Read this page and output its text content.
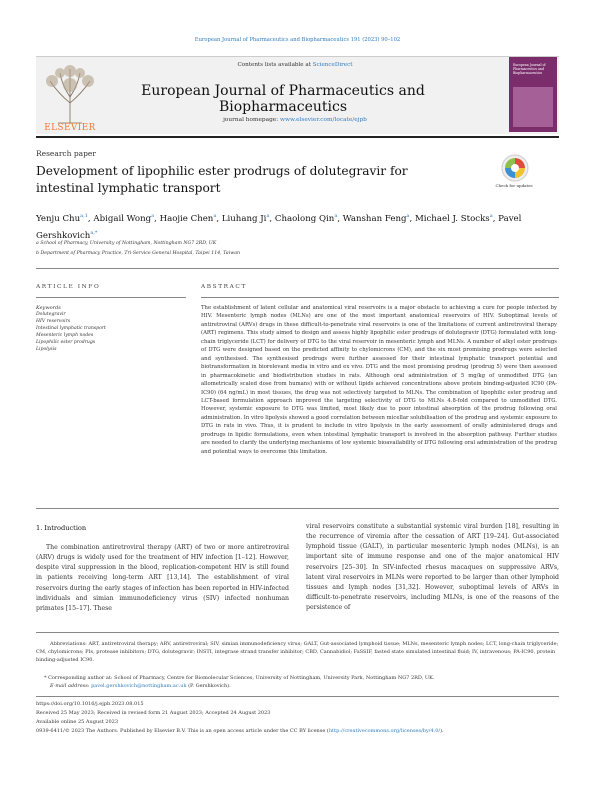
European Journal of Pharmaceutics and Biopharmaceutics 191 (2023) 90–102
ELSEVIER
Contents lists available at ScienceDirect
European Journal of Pharmaceutics and Biopharmaceutics
journal homepage: www.elsevier.com/locate/ejpb
European Journal of Pharmaceutics and Biopharmaceutics
Research paper
Development of lipophilic ester prodrugs of dolutegravir for intestinal lymphatic transport	Check for updates
Yenju Chu$^{a,1}$, Abigail Wong$^a$, Haojie Chen$^a$, Liuhang Ji$^a$, Chaolong Qin$^a$, Wanshan Feng$^a$, Michael J. Stocks$^a$, Pavel Gershkovich$^{a,*}$
a School of Pharmacy, University of Nottingham, Nottingham NG7 2RD, UK
b Department of Pharmacy Practice, Tri-Service General Hospital, Taipei 114, Taiwan
ARTICLE INFO	ABSTRACT
Keywords
Dolutegravir
HIV reservoirs
Intestinal lymphatic transport
Mesenteric lymph nodes
Lipophilic ester prodrugs
Lipolysis
The establishment of latent cellular and anatomical viral reservoirs is a major obstacle to achieving a cure for people infected by HIV. Mesenteric lymph nodes (MLNs) are one of the most important anatomical reservoirs of HIV. Suboptimal levels of antiretroviral (ARVs) drugs in these difficult-to-penetrate viral reservoirs is one of the limitations of current antiretroviral therapy (ART) regimens. This study aimed to design and assess highly lipophilic ester prodrugs of dolutegravir (DTG) formulated with long-chain triglyceride (LCT) for delivery of DTG to the viral reservoir in mesenteric lymph and MLNs. A number of alkyl ester prodrugs of DTG were designed based on the predicted affinity to chylomicrons (CM), and the six most promising prodrugs were selected and synthesised. The synthesised prodrugs were further assessed for their intestinal lymphatic transport potential and biotransformation in biorelevant media in vitro and ex vivo. DTG and the most promising prodrug (prodrug 5) were then assessed in pharmacokinetic and biodistribution studies in rats. Although oral administration of 5 mg/kg of unmodified DTG (an allometrically scaled dose from humans) with or without lipids achieved concentrations above protein binding-adjusted IC90 (PA-IC90) (64 ng/mL) in most tissues, the drug was not selectively targeted to MLNs. The combination of lipophilic ester prodrug and LCT-based formulation approach improved the targeting selectivity of DTG to MLNs 4.8-fold compared to unmodified DTG. However, systemic exposure to DTG was limited, most likely due to poor intestinal absorption of the prodrug following oral administration. In vitro lipolysis showed a good correlation between micellar solubilisation of the prodrug and systemic exposure to DTG in rats in vivo. Thus, it is prudent to include in vitro lipolysis in the early assessment of orally administered drugs and prodrugs in lipidic formulations, even when intestinal lymphatic transport is involved in the absorption pathway. Further studies are needed to clarify the underlying mechanisms of low systemic bioavailability of DTG following oral administration of the prodrug and potential ways to overcome this limitation.
1. Introduction
The combination antiretroviral therapy (ART) of two or more antiretroviral (ARV) drugs is widely used for the treatment of HIV infection [1–12]. However, despite viral suppression in the blood, replication-competent HIV is still found in patients receiving long-term ART [13,14]. The establishment of viral reservoirs during the early stages of infection has been reported in HIV-infected individuals and simian immunodeficiency virus (SIV) infected nonhuman primates [15–17]. These
viral reservoirs constitute a substantial systemic viral burden [18], resulting in the recurrence of viremia after the cessation of ART [19–24]. Gut-associated lymphoid tissue (GALT), in particular mesenteric lymph nodes (MLNs), is an important site of immune response and one of the major anatomical HIV reservoirs [25–30]. In SIV-infected rhesus macaques on suppressive ARVs, latent viral reservoirs in MLNs were reported to be larger than other lymphoid tissues and lymph nodes [31,32]. However, suboptimal levels of ARVs in difficult-to-penetrate reservoirs, including MLNs, is one of the reasons of the persistence of
Abbreviations: ART, antiretroviral therapy; ARV, antiretroviral; SIV, simian immunodeficiency virus; GALT, Gut-associated lymphoid tissue; MLNs, mesenteric lymph nodes; LCT, long-chain triglyceride; CM, chylomicrons; PIs, protease inhibitors; DTG, dolutegravir; INSTI, integrase strand transfer inhibitor; CBD, Cannabidiol; FaSSIF, fasted state simulated intestinal fluid; IV, intravenous; PA-IC90, protein binding-adjusted IC90.
* Corresponding author at: School of Pharmacy, Centre for Biomolecular Sciences, University of Nottingham, University Park, Nottingham NG7 2RD, UK.
E-mail address: pavel.gershkovich@nottingham.ac.uk (P. Gershkovich).
https://doi.org/10.1016/j.ejpb.2023.08.015
Received 25 May 2023; Received in revised form 21 August 2023; Accepted 24 August 2023
Available online 25 August 2023
0939-6411/© 2023 The Authors. Published by Elsevier B.V. This is an open access article under the CC BY license (http://creativecommons.org/licenses/by/4.0/).
